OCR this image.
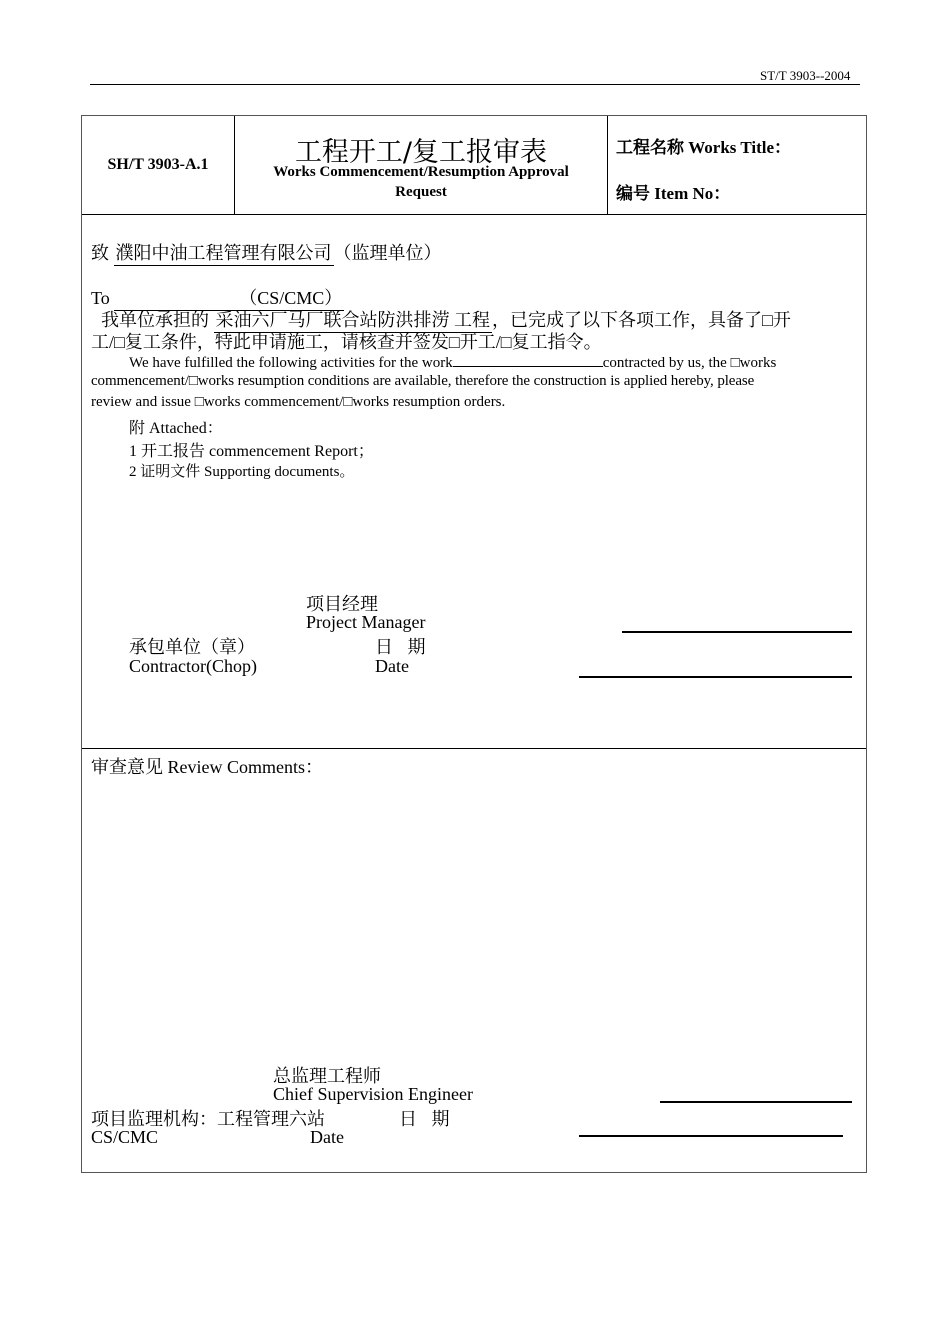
ST/T 3903--2004
SH/T 3903-A.1	工程开工/复工报审表
Works Commencement/Resumption Approval
Request
工程名称 Works Title：
编号 Item No：
致 濮阳中油工程管理有限公司 （监理单位）
To	（CS/CMC）
我单位承担的 采油六厂马厂联合站防洪排涝 工程 ，已完成了以下各项工作，具备了□开
工/□复工条件，特此申请施工，请核查并签发□开工/□复工指令。
We have fulfilled the following activities for the work	contracted by us, the □works
commencement/□works resumption conditions are available, therefore the construction is applied hereby, please
review and issue □works commencement/□works resumption orders.
附 Attached：
1 开工报告 commencement Report；
2 证明文件 Supporting documents。
项目经理
Project Manager
承包单位（章）	日 期
Contractor(Chop)	Date
审查意见 Review Comments：
总监理工程师
Chief Supervision Engineer
项目监理机构：工程管理六站	日 期
CS/CMC	Date
